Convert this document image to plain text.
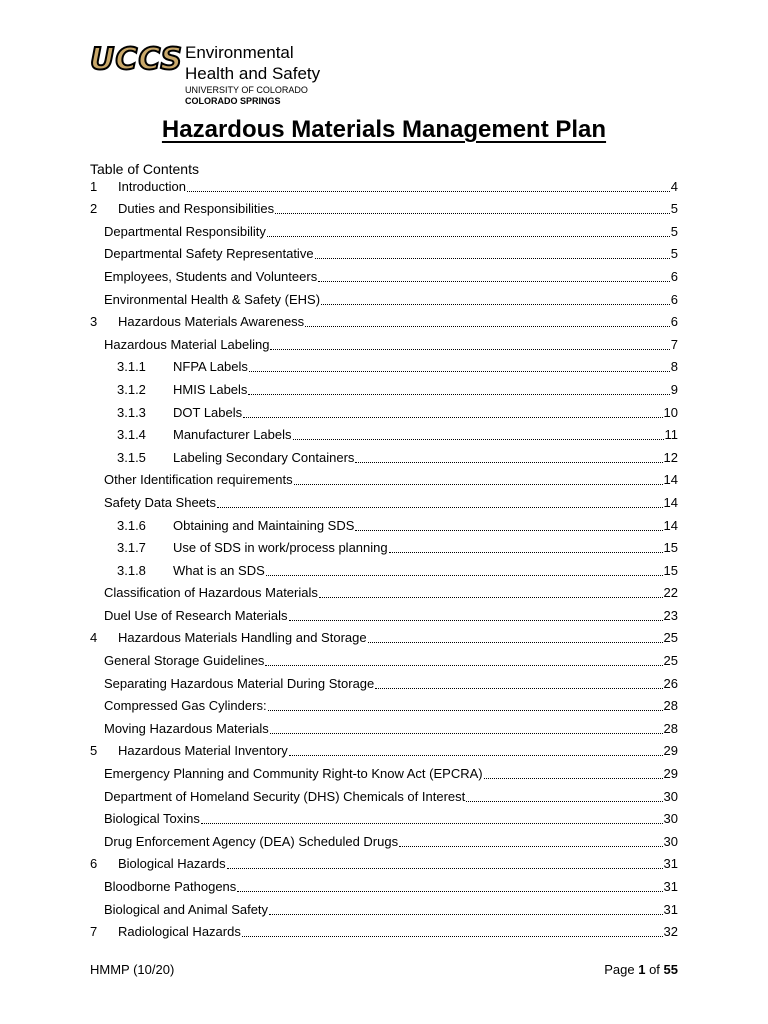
UCCS Environmental
Health and Safety
UNIVERSITY OF COLORADO
COLORADO SPRINGS
Hazardous Materials Management Plan
Table of Contents
1	Introduction	4
2	Duties and Responsibilities	5
Departmental Responsibility	5
Departmental Safety Representative	5
Employees, Students and Volunteers	6
Environmental Health & Safety (EHS)	6
3	Hazardous Materials Awareness	6
Hazardous Material Labeling	7
3.1.1	NFPA Labels	8
3.1.2	HMIS Labels	9
3.1.3	DOT Labels	10
3.1.4	Manufacturer Labels	11
3.1.5	Labeling Secondary Containers	12
Other Identification requirements	14
Safety Data Sheets	14
3.1.6	Obtaining and Maintaining SDS	14
3.1.7	Use of SDS in work/process planning	15
3.1.8	What is an SDS	15
Classification of Hazardous Materials	22
Duel Use of Research Materials	23
4	Hazardous Materials Handling and Storage	25
General Storage Guidelines	25
Separating Hazardous Material During Storage	26
Compressed Gas Cylinders:	28
Moving Hazardous Materials	28
5	Hazardous Material Inventory	29
Emergency Planning and Community Right-to Know Act (EPCRA)	29
Department of Homeland Security (DHS) Chemicals of Interest	30
Biological Toxins	30
Drug Enforcement Agency (DEA) Scheduled Drugs	30
6	Biological Hazards	31
Bloodborne Pathogens	31
Biological and Animal Safety	31
7	Radiological Hazards	32
HMMP (10/20)	Page 1 of 55
